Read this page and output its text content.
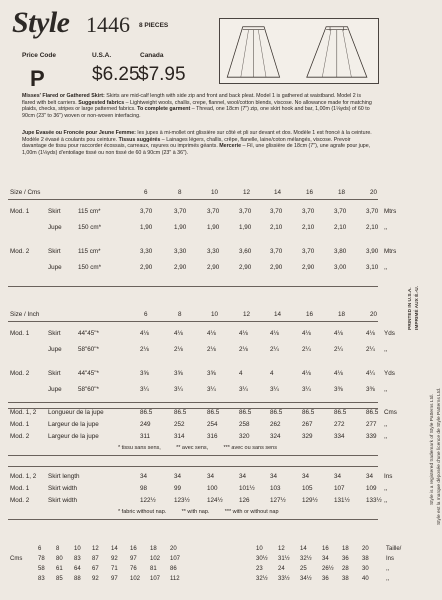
Style 1446 8 PIECES
Price Code	U.S.A.	Canada
P $6.25
$7.95
Misses' Flared or Gathered Skirt: Skirts are mid-calf length with side zip and front and back pleat. Model 1 is gathered at waistband. Model 2 is flared with belt carriers. Suggested fabrics – Lightweight wools, challis, crepe, flannel, wool/cotton blends, viscose. No allowance made for matching plaids, checks, stripes or large patterned fabrics. To complete garment – Thread, one 18cm (7") zip, one skirt hook and bar, 1,00m (1⅛yds) of 60 to 90cm (23" to 36") woven or non-woven interfacing.
Jupe Evasée ou Froncée pour Jeune Femme: les jupes à mi-mollet ont glissière sur côté et pli sur devant et dos. Modèle 1 est froncé à la ceinture. Modèle 2 évasé à coulants pou ceinture. Tissus suggérés – Lainages légers, challis, crêpe, flanelle, laine/coton mélangés, viscose. Prevoir davantage de tissu pour raccorder écossais, carreaux, rayures ou imprimés géants. Mercerie – Fil, une glissière de 18cm (7"), une agrafe pour jupe, 1,00m (1⅛yds) d'entoilage tissé ou non tissé de 60 à 90cm (23" à 36").
Size / Cms	6	8	10	12	14	16	18	20
Mod. 1	Skirt	115 cm*	3,70	3,70	3,70	3,70	3,70	3,70	3,70	3,70 Mtrs
Jupe	150 cm*	1,90	1,90	1,90	1,90	2,10	2,10	2,10	2,10 ,,
Mod. 2	Skirt	115 cm*	3,30	3,30	3,30	3,60	3,70	3,70	3,80	3,90 Mtrs
Jupe	150 cm*	2,90	2,90	2,90	2,90	2,90	2,90	3,00	3,10 ,,
Size / Inch	6	8	10	12	14	16	18	20
Mod. 1	Skirt	44"45"*	4⅛	4⅛	4⅛	4⅛	4⅛	4⅛	4⅛	4⅛ Yds
Jupe	58"60"*	2⅛	2⅛	2⅛	2⅛	2¼	2¼	2¼	2¼ ,,
Mod. 2	Skirt	44"45"*	3⅝	3⅝	3⅝	4	4	4⅛	4⅛	4¼ Yds
Jupe	58"60"*	3¼	3¼	3¼	3¼	3¼	3¼	3⅜	3⅜ ,,
Mod. 1, 2 Longueur de la jupe	86.5	86.5	86.5	86.5	86.5	86.5	86.5	86.5 Cms
Mod. 1	Largeur de la jupe	249	252	254	258	262	267	272	277 ,,
Mod. 2	Largeur de la jupe	311	314	316	320	324	329	334	339 ,,
* tissu sans sens,          ** avec sens,          *** avec ou sans sens
Mod. 1, 2 Skirt length	34	34	34	34	34	34	34	34 Ins
Mod. 1	Skirt width	98	99	100	101½ 103	105	107	109 ,,
Mod. 2	Skirt width	122½	123½	124½	126	127½	129½	131½	133½ ,,
* fabric without nap.          ** with nap.          *** with or without nap
6 8 10 12 14 16 18 20	10	12	14	16 18 20	Taille/
Cms	78 80 83 87 92 97 102 107	30½ 31½ 32½ 34 36 38	Ins
58 61 64 67 71 76 81 86	23	24	25	26½ 28 30	,,
83 85 88 92 97 102 107 112	32½ 33½ 34½ 36 38 40	,,
Style is a registered trademark of Style Patterns Ltd. Style est la marque déposée d'une licence de Style Patterns Ltd.
PRINTED IN U.S.A. IMPRIMÉ AUX É.-U.
